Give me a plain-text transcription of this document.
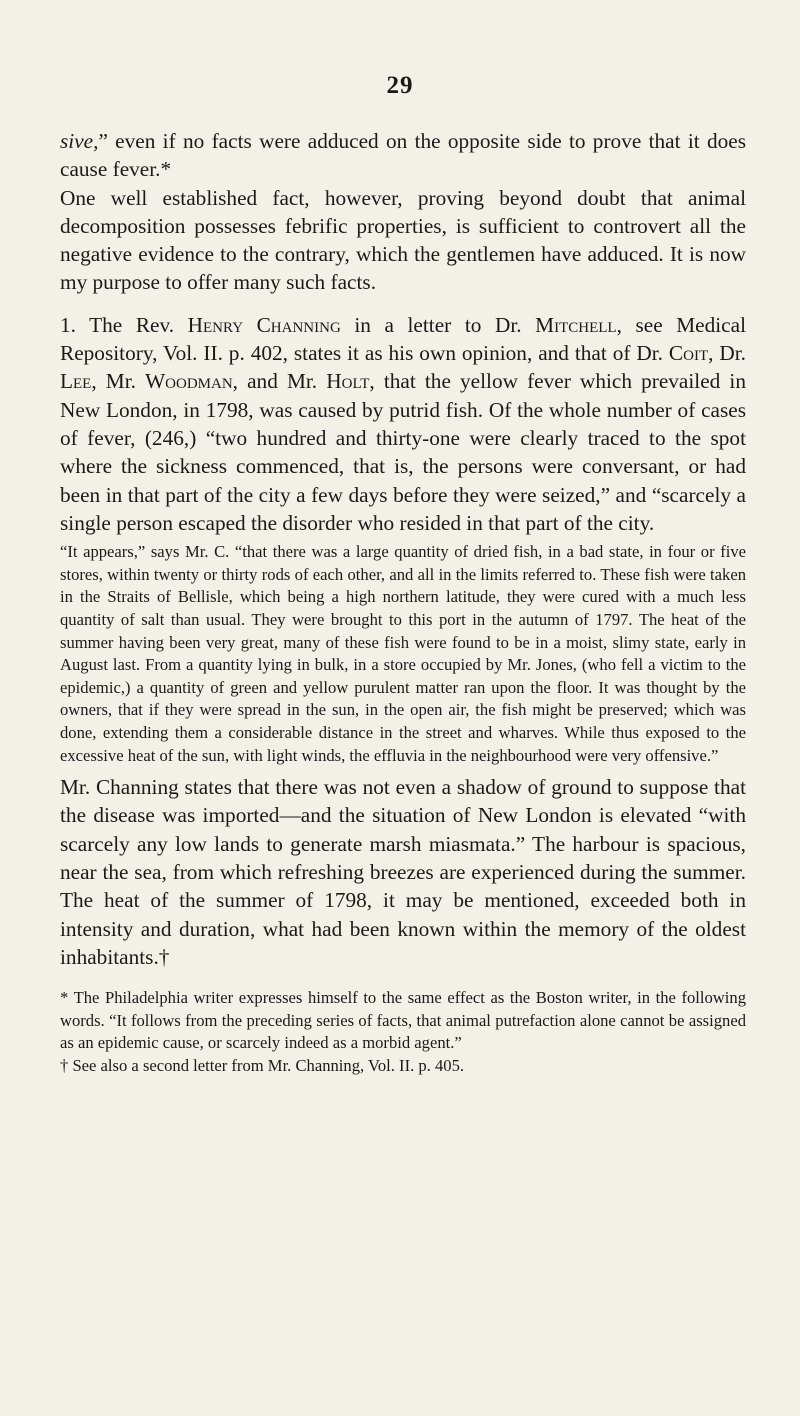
29

sive,” even if no facts were adduced on the opposite side to prove that it does cause fever.*

One well established fact, however, proving beyond doubt that animal decomposition possesses febrific properties, is sufficient to controvert all the negative evidence to the contrary, which the gentlemen have adduced. It is now my purpose to offer many such facts.

1. The Rev. Henry Channing in a letter to Dr. Mitchell, see Medical Repository, Vol. II. p. 402, states it as his own opinion, and that of Dr. Coit, Dr. Lee, Mr. Woodman, and Mr. Holt, that the yellow fever which prevailed in New London, in 1798, was caused by putrid fish. Of the whole number of cases of fever, (246,) “two hundred and thirty-one were clearly traced to the spot where the sickness commenced, that is, the persons were conversant, or had been in that part of the city a few days before they were seized,” and “scarcely a single person escaped the disorder who resided in that part of the city.

“It appears,” says Mr. C. “that there was a large quantity of dried fish, in a bad state, in four or five stores, within twenty or thirty rods of each other, and all in the limits referred to. These fish were taken in the Straits of Bellisle, which being a high northern latitude, they were cured with a much less quantity of salt than usual. They were brought to this port in the autumn of 1797. The heat of the summer having been very great, many of these fish were found to be in a moist, slimy state, early in August last. From a quantity lying in bulk, in a store occupied by Mr. Jones, (who fell a victim to the epidemic,) a quantity of green and yellow purulent matter ran upon the floor. It was thought by the owners, that if they were spread in the sun, in the open air, the fish might be preserved; which was done, extending them a considerable distance in the street and wharves. While thus exposed to the excessive heat of the sun, with light winds, the effluvia in the neighbourhood were very offensive.”

Mr. Channing states that there was not even a shadow of ground to suppose that the disease was imported—and the situation of New London is elevated “with scarcely any low lands to generate marsh miasmata.” The harbour is spacious, near the sea, from which refreshing breezes are experienced during the summer. The heat of the summer of 1798, it may be mentioned, exceeded both in intensity and duration, what had been known within the memory of the oldest inhabitants.†

* The Philadelphia writer expresses himself to the same effect as the Boston writer, in the following words. “It follows from the preceding series of facts, that animal putrefaction alone cannot be assigned as an epidemic cause, or scarcely indeed as a morbid agent.”

† See also a second letter from Mr. Channing, Vol. II. p. 405.
